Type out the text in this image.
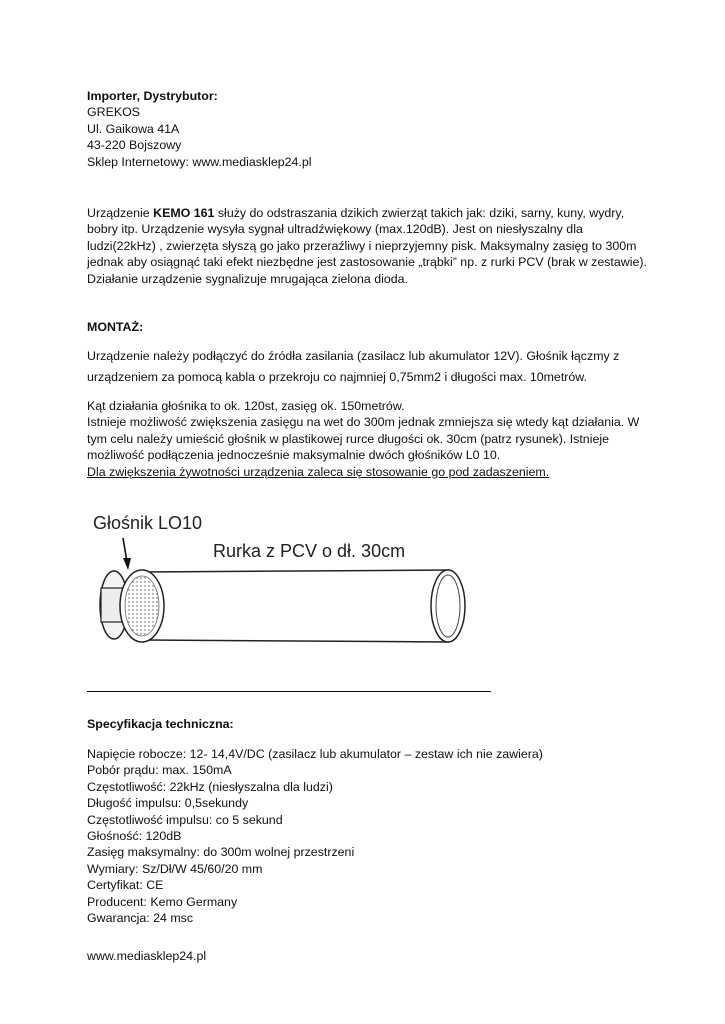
Importer, Dystrybutor:
GREKOS
Ul. Gaikowa 41A
43-220 Bojszowy
Sklep Internetowy: www.mediasklep24.pl
Urządzenie KEMO 161 służy do odstraszania dzikich zwierząt takich jak: dziki, sarny, kuny, wydry,
bobry itp. Urządzenie wysyła sygnał ultradźwiękowy (max.120dB). Jest on niesłyszalny dla
ludzi(22kHz) , zwierzęta słyszą go jako przeraźliwy i nieprzyjemny pisk. Maksymalny zasięg to 300m
jednak aby osiągnąć taki efekt niezbędne jest zastosowanie „trąbki” np. z rurki PCV (brak w zestawie).
Działanie urządzenie sygnalizuje mrugająca zielona dioda.
MONTAŻ:
Urządzenie należy podłączyć do źródła zasilania (zasilacz lub akumulator 12V). Głośnik łączmy z
urządzeniem za pomocą kabla o przekroju co najmniej 0,75mm2 i długości max. 10metrów.
Kąt działania głośnika to ok. 120st, zasięg ok. 150metrów.
Istnieje możliwość zwiększenia zasięgu na wet do 300m jednak zmniejsza się wtedy kąt działania. W
tym celu należy umieścić głośnik w plastikowej rurce długości ok. 30cm (patrz rysunek). Istnieje
możliwość podłączenia jednocześnie maksymalnie dwóch głośników L0 10.
Dla zwiększenia żywotności urządzenia zaleca się stosowanie go pod zadaszeniem.
Głośnik LO10
Rurka z PCV o dł. 30cm
Specyfikacja techniczna:
Napięcie robocze: 12- 14,4V/DC (zasilacz lub akumulator – zestaw ich nie zawiera)
Pobór prądu: max. 150mA
Częstotliwość: 22kHz (niesłyszalna dla ludzi)
Długość impulsu: 0,5sekundy
Częstotliwość impulsu: co 5 sekund
Głośność: 120dB
Zasięg maksymalny: do 300m wolnej przestrzeni
Wymiary: Sz/Dł/W 45/60/20 mm
Certyfikat: CE
Producent: Kemo Germany
Gwarancja: 24 msc
www.mediasklep24.pl
